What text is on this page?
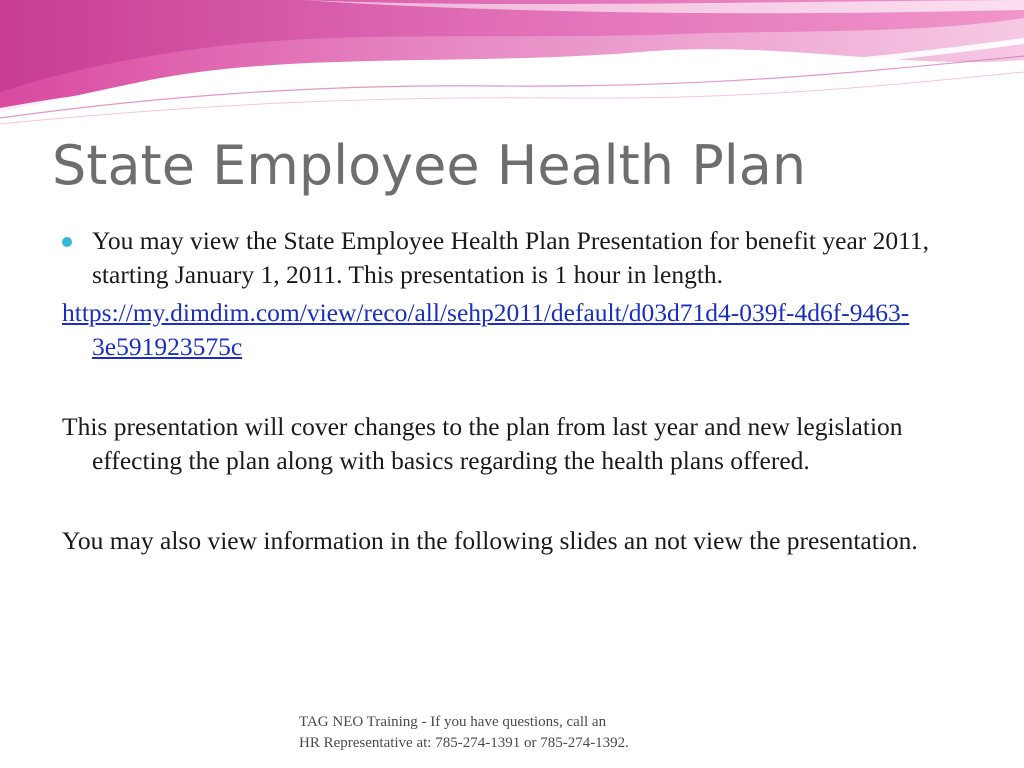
State Employee Health Plan

You may view the State Employee Health Plan Presentation for benefit year 2011, starting January 1, 2011. This presentation is 1 hour in length.

https://my.dimdim.com/view/reco/all/sehp2011/default/d03d71d4-039f-4d6f-9463-3e591923575c

This presentation will cover changes to the plan from last year and new legislation effecting the plan along with basics regarding the health plans offered.

You may also view information in the following slides an not view the presentation.

TAG NEO Training - If you have questions, call an
HR Representative at: 785-274-1391 or 785-274-1392.
